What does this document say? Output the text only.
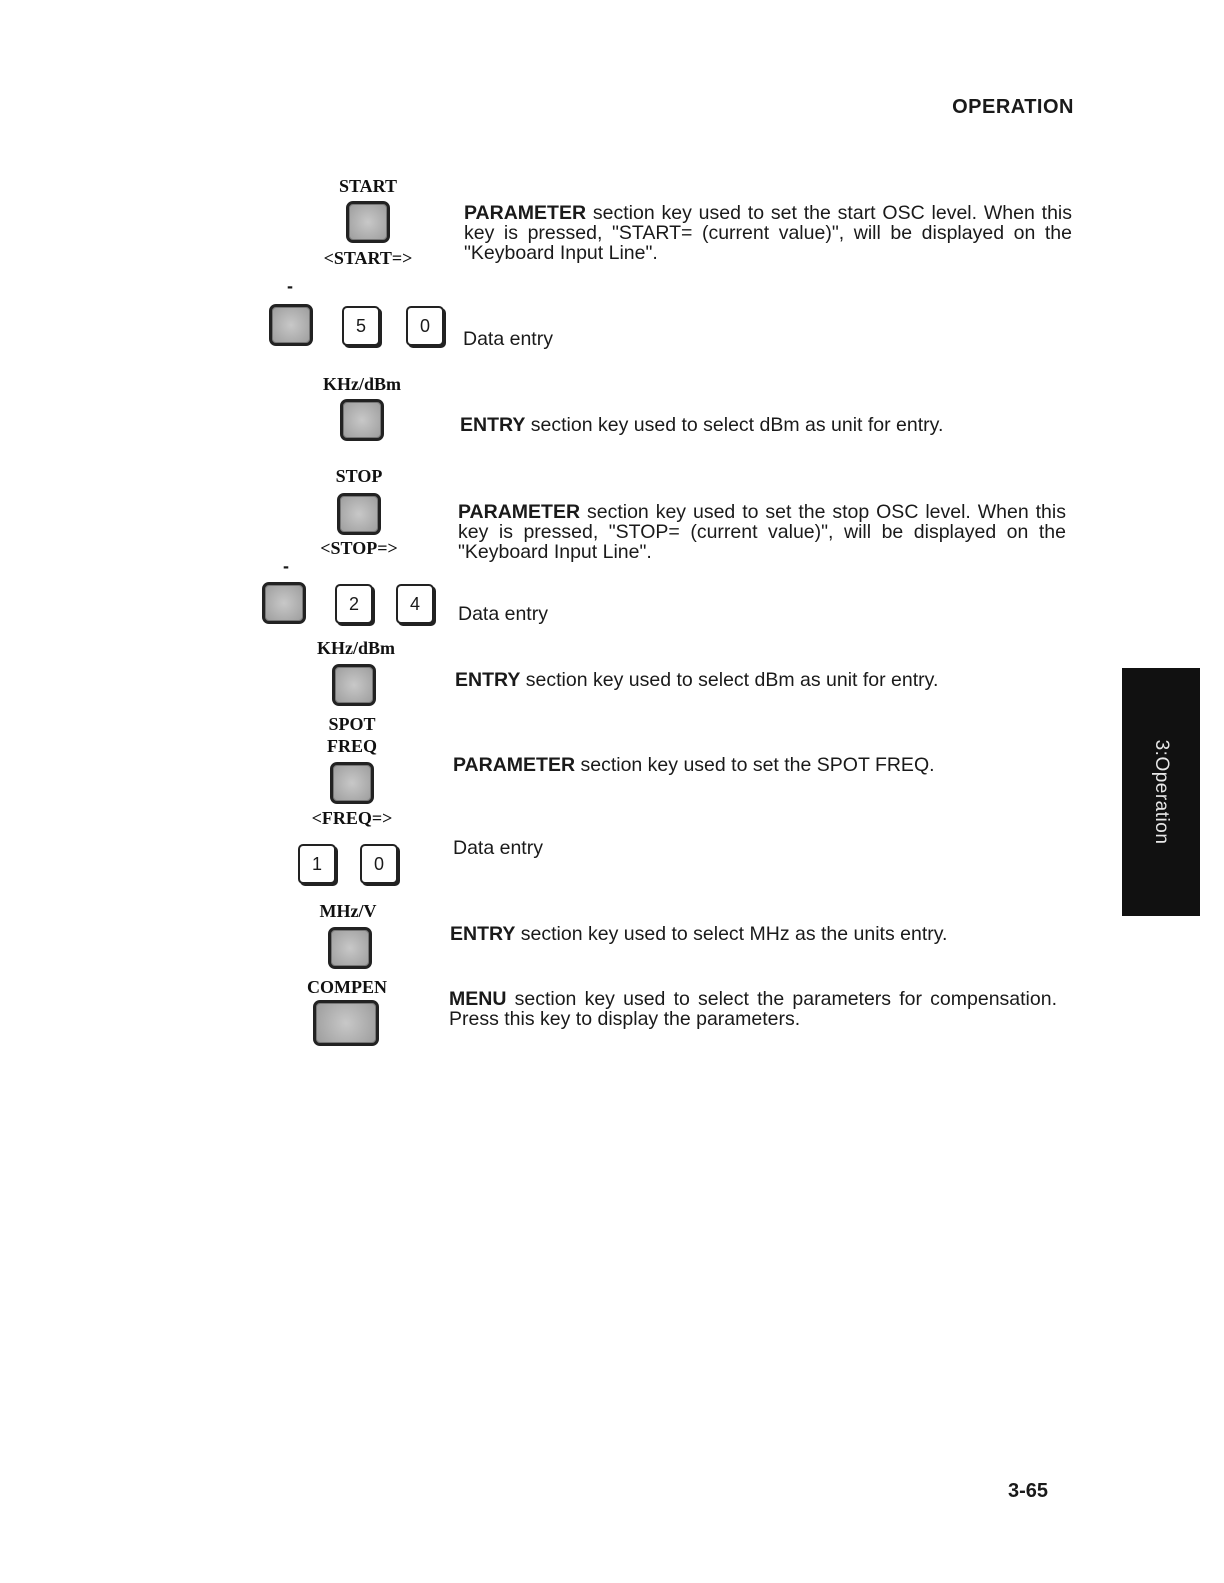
OPERATION
START
<START=>
PARAMETER section key used to set the start OSC level. When this key is pressed, "START= (current value)", will be displayed on the "Keyboard Input Line".
-
5	0
Data entry
KHz/dBm
ENTRY section key used to select dBm as unit for entry.
STOP
<STOP=>
PARAMETER section key used to set the stop OSC level. When this key is pressed, "STOP= (current value)", will be displayed on the "Keyboard Input Line".
-
2	4	Data entry
KHz/dBm
ENTRY section key used to select dBm as unit for entry.
SPOT
FREQ
<FREQ=>
PARAMETER section key used to set the SPOT FREQ.
1	0
Data entry
MHz/V
ENTRY section key used to select MHz as the units entry.
COMPEN
MENU section key used to select the parameters for compensation. Press this key to display the parameters.
3:Operation
3-65
